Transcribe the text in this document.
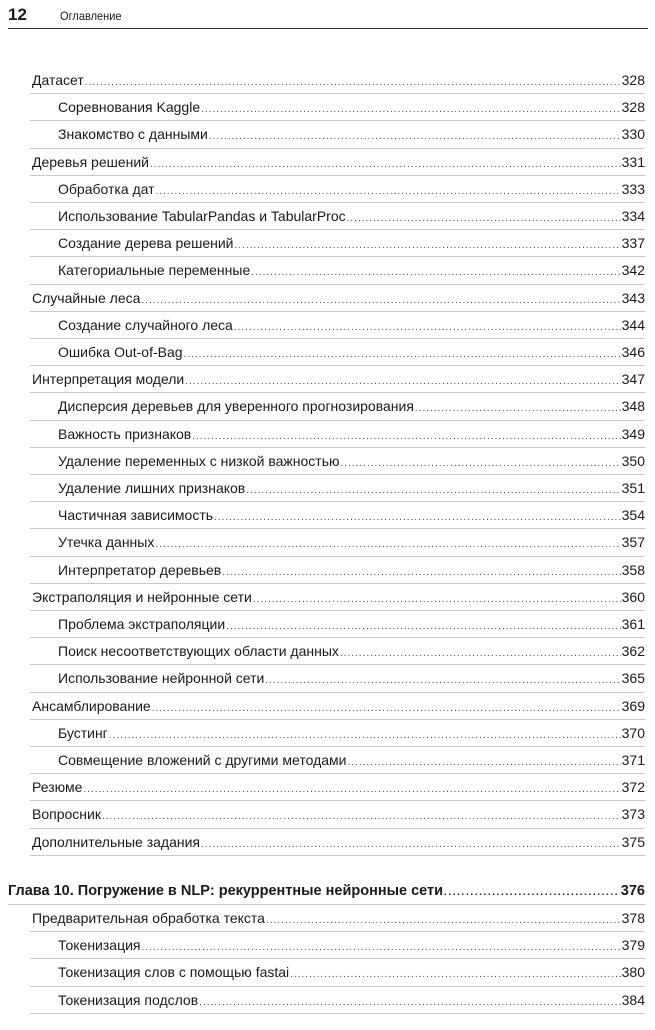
12	Оглавление
Датасет .....	328
Соревнования Kaggle .....	328
Знакомство с данными .....	330
Деревья решений .....	331
Обработка дат .....	333
Использование TabularPandas и TabularProc .....	334
Создание дерева решений .....	337
Категориальные переменные .....	342
Случайные леса .....	343
Создание случайного леса .....	344
Ошибка Out-of-Bag .....	346
Интерпретация модели .....	347
Дисперсия деревьев для уверенного прогнозирования .....	348
Важность признаков .....	349
Удаление переменных с низкой важностью .....	350
Удаление лишних признаков .....	351
Частичная зависимость .....	354
Утечка данных .....	357
Интерпретатор деревьев .....	358
Экстраполяция и нейронные сети .....	360
Проблема экстраполяции .....	361
Поиск несоответствующих области данных .....	362
Использование нейронной сети .....	365
Ансамблирование .....	369
Бустинг .....	370
Совмещение вложений с другими методами .....	371
Резюме .....	372
Вопросник .....	373
Дополнительные задания .....	375
Глава 10. Погружение в NLP: рекуррентные нейронные сети .....	376
Предварительная обработка текста .....	378
Токенизация .....	379
Токенизация слов с помощью fastai .....	380
Токенизация подслов .....	384
